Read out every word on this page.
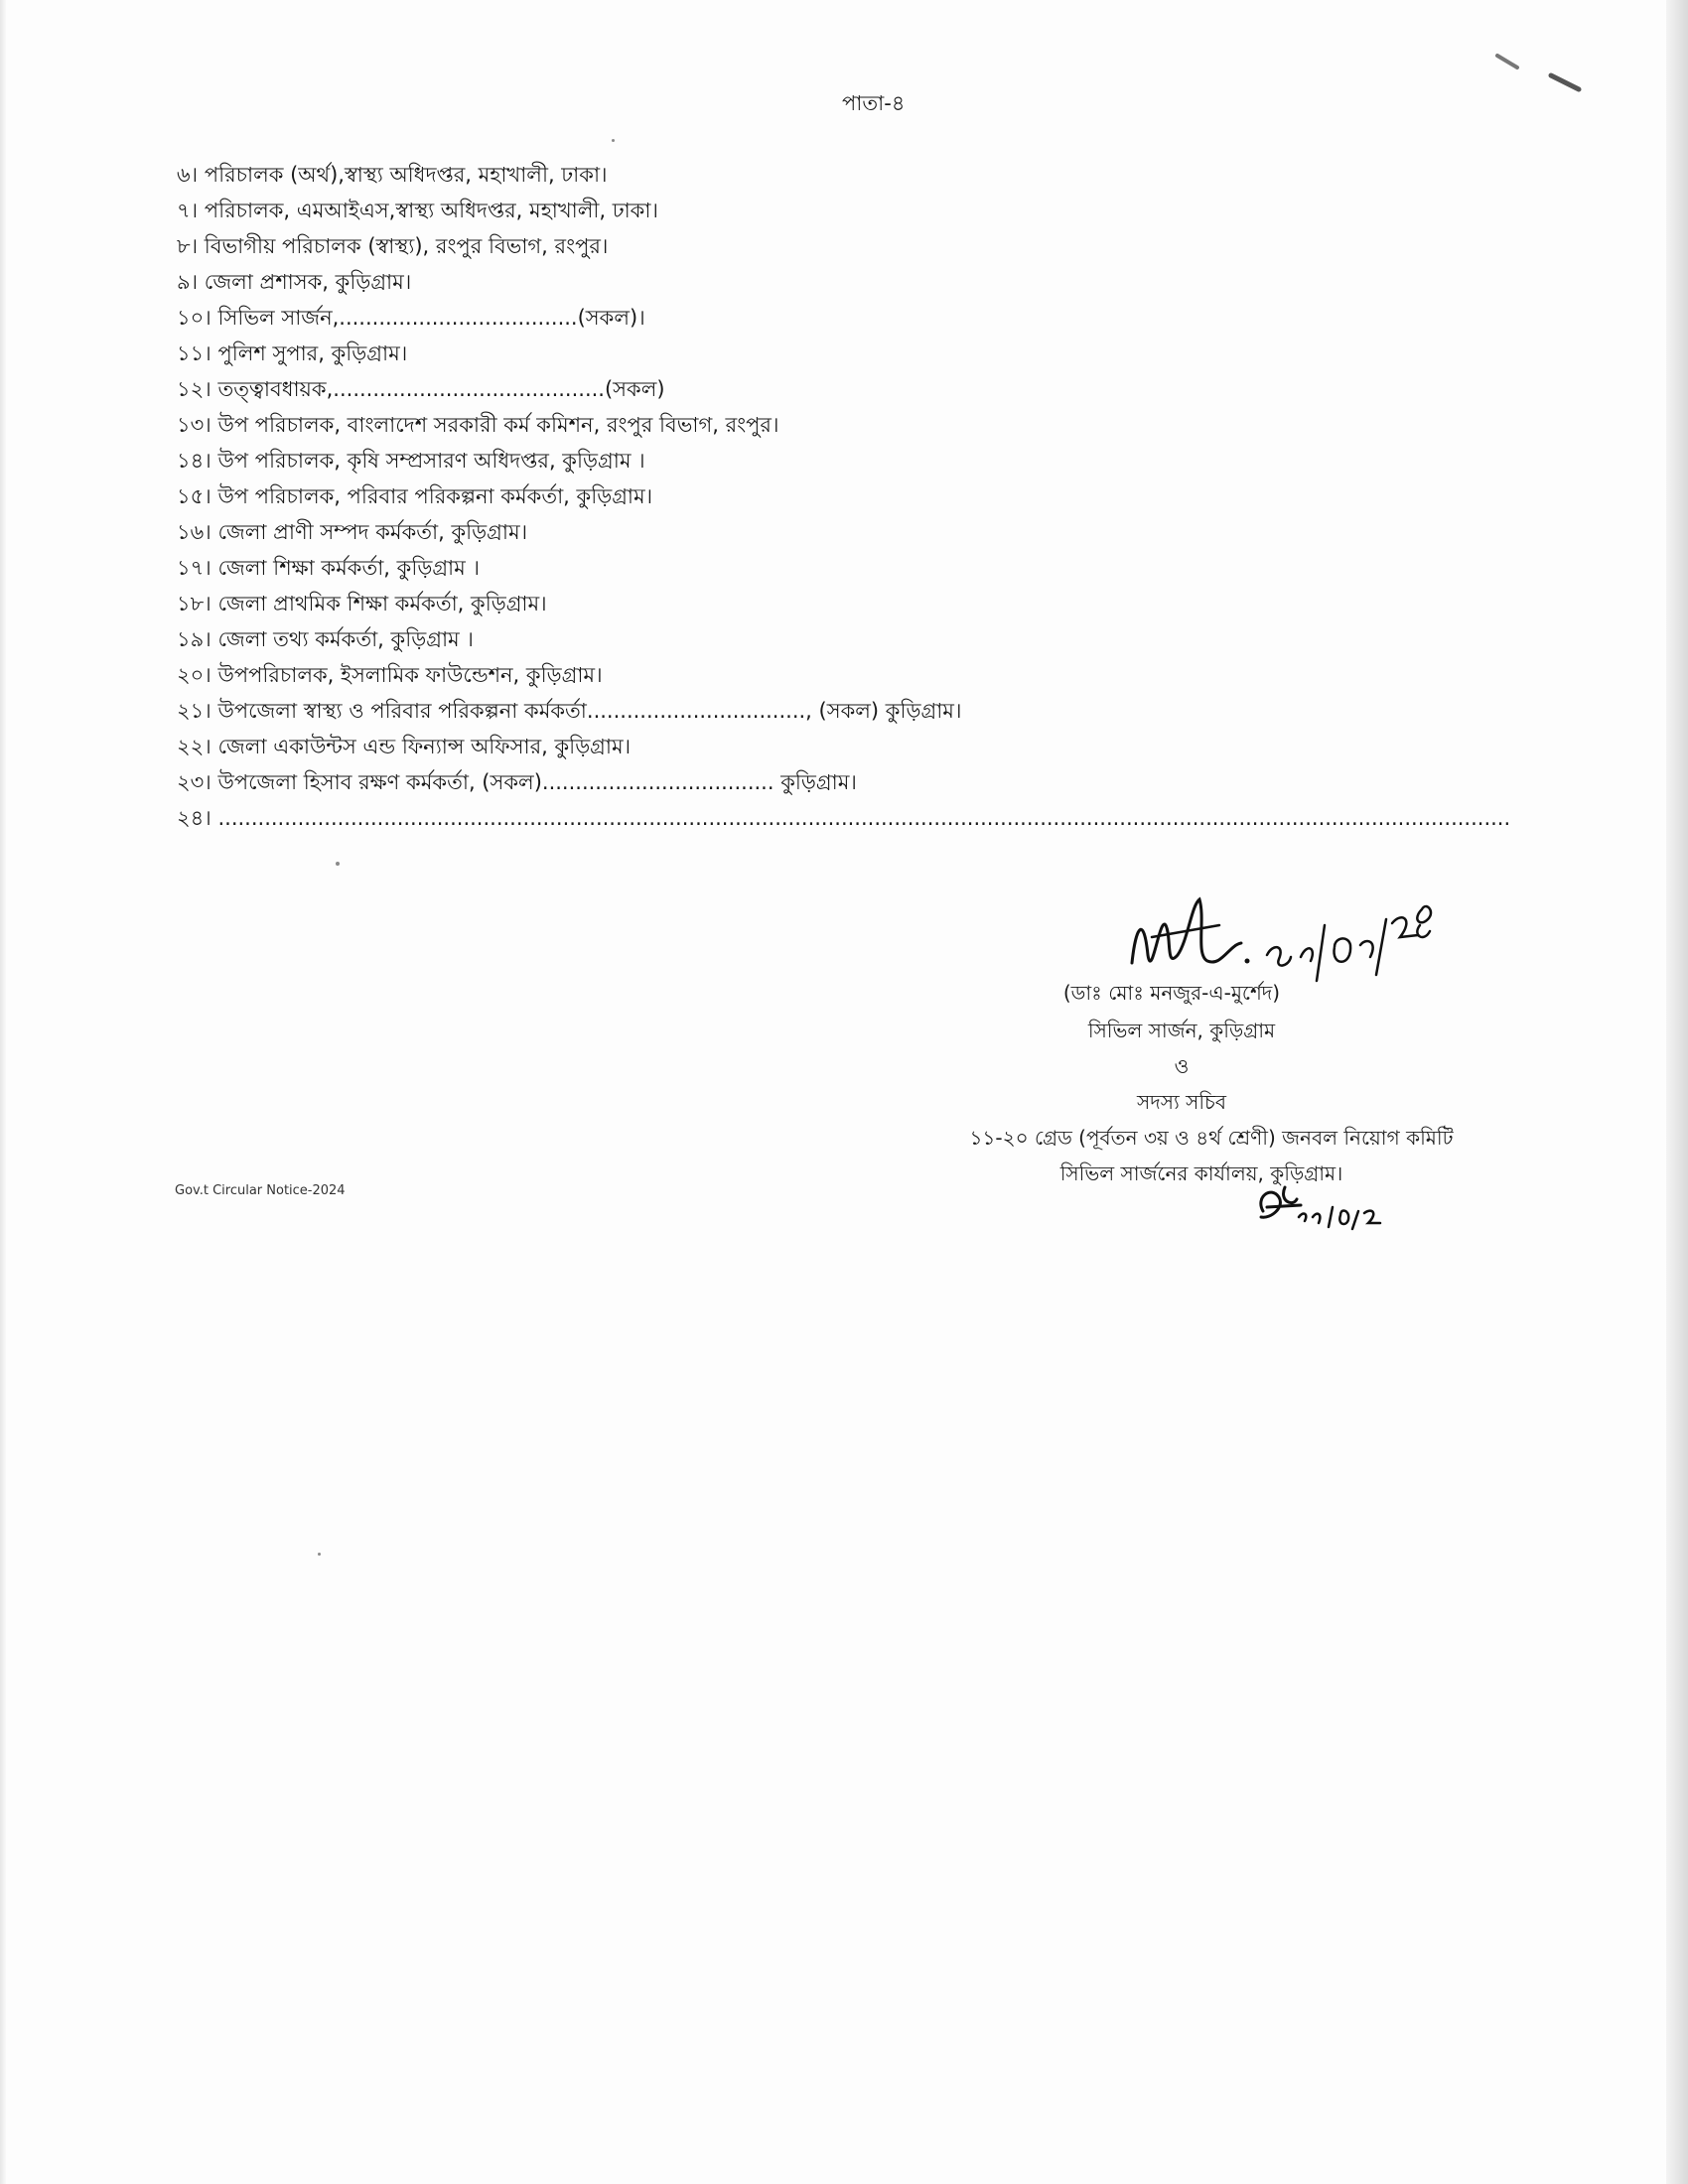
পাতা-৪
৬। পরিচালক (অর্থ),স্বাস্থ্য অধিদপ্তর, মহাখালী, ঢাকা।
৭। পরিচালক, এমআইএস,স্বাস্থ্য অধিদপ্তর, মহাখালী, ঢাকা।
৮। বিভাগীয় পরিচালক (স্বাস্থ্য), রংপুর বিভাগ, রংপুর।
৯। জেলা প্রশাসক, কুড়িগ্রাম।
১০। সিভিল সার্জন,....................................(সকল)।
১১। পুলিশ সুপার, কুড়িগ্রাম।
১২। তত্ত্বাবধায়ক,.........................................(সকল)
১৩। উপ পরিচালক, বাংলাদেশ সরকারী কর্ম কমিশন, রংপুর বিভাগ, রংপুর।
১৪। উপ পরিচালক, কৃষি সম্প্রসারণ অধিদপ্তর, কুড়িগ্রাম ।
১৫। উপ পরিচালক, পরিবার পরিকল্পনা কর্মকর্তা, কুড়িগ্রাম।
১৬। জেলা প্রাণী সম্পদ কর্মকর্তা, কুড়িগ্রাম।
১৭। জেলা শিক্ষা কর্মকর্তা, কুড়িগ্রাম ।
১৮। জেলা প্রাথমিক শিক্ষা কর্মকর্তা, কুড়িগ্রাম।
১৯। জেলা তথ্য কর্মকর্তা, কুড়িগ্রাম ।
২০। উপপরিচালক, ইসলামিক ফাউন্ডেশন, কুড়িগ্রাম।
২১। উপজেলা স্বাস্থ্য ও পরিবার পরিকল্পনা কর্মকর্তা................................., (সকল) কুড়িগ্রাম।
২২। জেলা একাউন্টস এন্ড ফিন্যান্স অফিসার, কুড়িগ্রাম।
২৩। উপজেলা হিসাব রক্ষণ কর্মকর্তা, (সকল)................................... কুড়িগ্রাম।
২৪। ...................................................................................................................................................................................................
(ডাঃ মোঃ মনজুর-এ-মুর্শেদ)
সিভিল সার্জন, কুড়িগ্রাম
ও
সদস্য সচিব
১১-২০ গ্রেড (পূর্বতন ৩য় ও ৪র্থ শ্রেণী) জনবল নিয়োগ কমিটি
সিভিল সার্জনের কার্যালয়, কুড়িগ্রাম।
Gov.t Circular Notice-2024
